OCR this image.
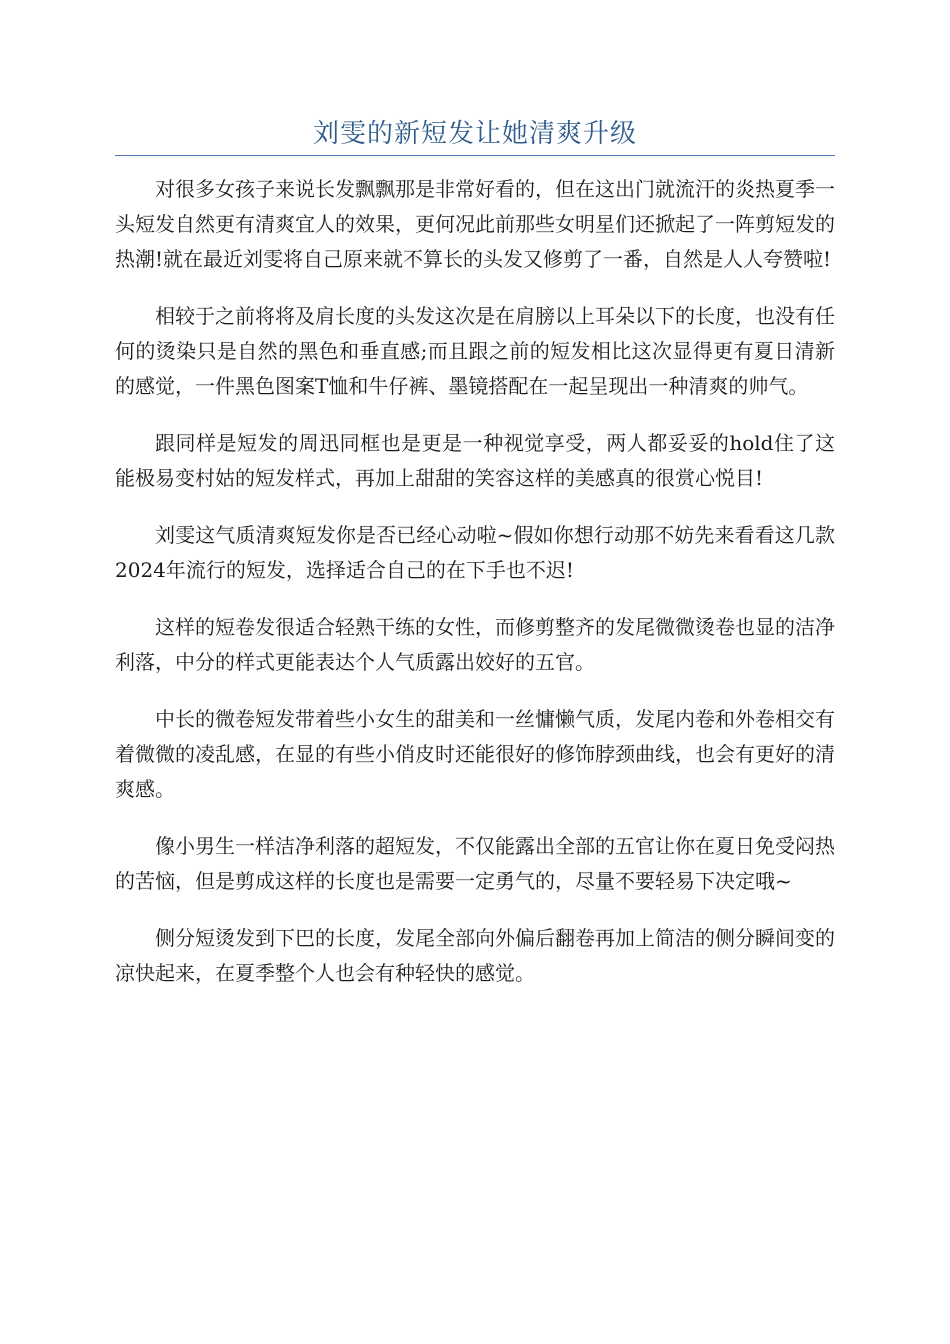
刘雯的新短发让她清爽升级

对很多女孩子来说长发飘飘那是非常好看的，但在这出门就流汗的炎热夏季一头短发自然更有清爽宜人的效果，更何况此前那些女明星们还掀起了一阵剪短发的热潮!就在最近刘雯将自己原来就不算长的头发又修剪了一番，自然是人人夸赞啦!

相较于之前将将及肩长度的头发这次是在肩膀以上耳朵以下的长度，也没有任何的烫染只是自然的黑色和垂直感;而且跟之前的短发相比这次显得更有夏日清新的感觉，一件黑色图案T恤和牛仔裤、墨镜搭配在一起呈现出一种清爽的帅气。

跟同样是短发的周迅同框也是更是一种视觉享受，两人都妥妥的hold住了这能极易变村姑的短发样式，再加上甜甜的笑容这样的美感真的很赏心悦目!

刘雯这气质清爽短发你是否已经心动啦~假如你想行动那不妨先来看看这几款2024年流行的短发，选择适合自己的在下手也不迟!

这样的短卷发很适合轻熟干练的女性，而修剪整齐的发尾微微烫卷也显的洁净利落，中分的样式更能表达个人气质露出姣好的五官。

中长的微卷短发带着些小女生的甜美和一丝慵懒气质，发尾内卷和外卷相交有着微微的凌乱感，在显的有些小俏皮时还能很好的修饰脖颈曲线，也会有更好的清爽感。

像小男生一样洁净利落的超短发，不仅能露出全部的五官让你在夏日免受闷热的苦恼，但是剪成这样的长度也是需要一定勇气的，尽量不要轻易下决定哦~

侧分短烫发到下巴的长度，发尾全部向外偏后翻卷再加上简洁的侧分瞬间变的凉快起来，在夏季整个人也会有种轻快的感觉。
